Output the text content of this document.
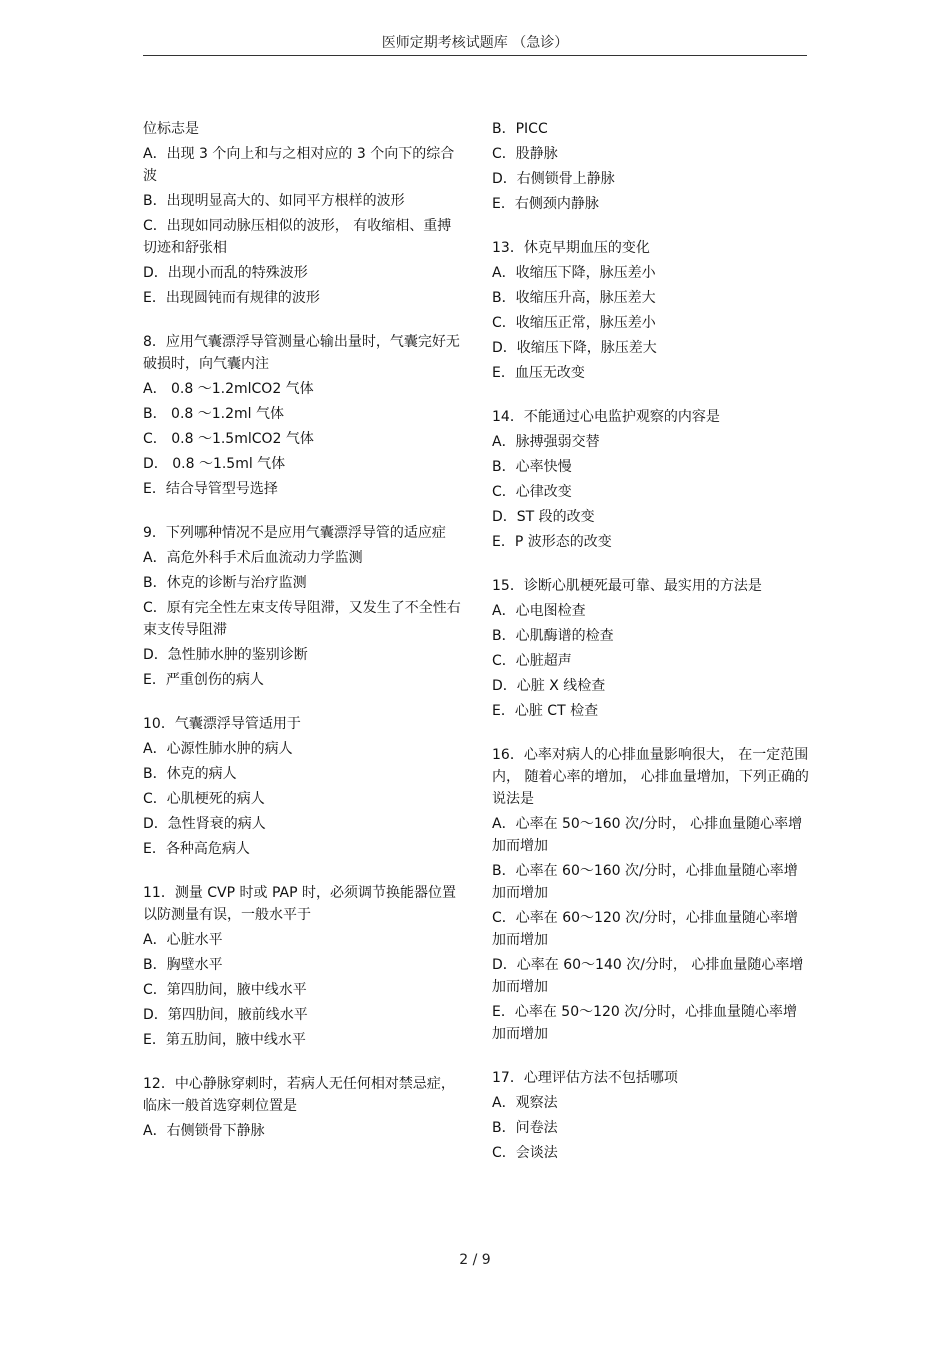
医师定期考核试题库 （急诊）
位标志是
A．出现 3 个向上和与之相对应的 3 个向下的综合波
B．出现明显高大的、如同平方根样的波形
C．出现如同动脉压相似的波形， 有收缩相、重搏切迹和舒张相
D．出现小而乱的特殊波形
E．出现圆钝而有规律的波形
8．应用气囊漂浮导管测量心输出量时，气囊完好无破损时，向气囊内注
A． 0.8 ～1.2mlCO2 气体
B． 0.8 ～1.2ml 气体
C． 0.8 ～1.5mlCO2 气体
D． 0.8 ～1.5ml 气体
E．结合导管型号选择
9．下列哪种情况不是应用气囊漂浮导管的适应症
A．高危外科手术后血流动力学监测
B．休克的诊断与治疗监测
C．原有完全性左束支传导阻滞，又发生了不全性右束支传导阻滞
D．急性肺水肿的鉴别诊断
E．严重创伤的病人
10．气囊漂浮导管适用于
A．心源性肺水肿的病人
B．休克的病人
C．心肌梗死的病人
D．急性肾衰的病人
E．各种高危病人
11．测量 CVP 时或 PAP 时，必须调节换能器位置以防测量有误，一般水平于
A．心脏水平
B．胸壁水平
C．第四肋间，腋中线水平
D．第四肋间，腋前线水平
E．第五肋间，腋中线水平
12．中心静脉穿刺时，若病人无任何相对禁忌症，临床一般首选穿刺位置是
A．右侧锁骨下静脉
B．PICC
C．股静脉
D．右侧锁骨上静脉
E．右侧颈内静脉
13．休克早期血压的变化
A．收缩压下降，脉压差小
B．收缩压升高，脉压差大
C．收缩压正常，脉压差小
D．收缩压下降，脉压差大
E．血压无改变
14．不能通过心电监护观察的内容是
A．脉搏强弱交替
B．心率快慢
C．心律改变
D．ST 段的改变
E．P 波形态的改变
15．诊断心肌梗死最可靠、最实用的方法是
A．心电图检查
B．心肌酶谱的检查
C．心脏超声
D．心脏 X 线检查
E．心脏 CT 检查
16．心率对病人的心排血量影响很大， 在一定范围内， 随着心率的增加， 心排血量增加，下列正确的说法是
A．心率在 50～160 次/分时， 心排血量随心率增加而增加
B．心率在 60～160 次/分时，心排血量随心率增加而增加
C．心率在 60～120 次/分时，心排血量随心率增加而增加
D．心率在 60～140 次/分时， 心排血量随心率增加而增加
E．心率在 50～120 次/分时，心排血量随心率增加而增加
17．心理评估方法不包括哪项
A．观察法
B．问卷法
C．会谈法
2 / 9
